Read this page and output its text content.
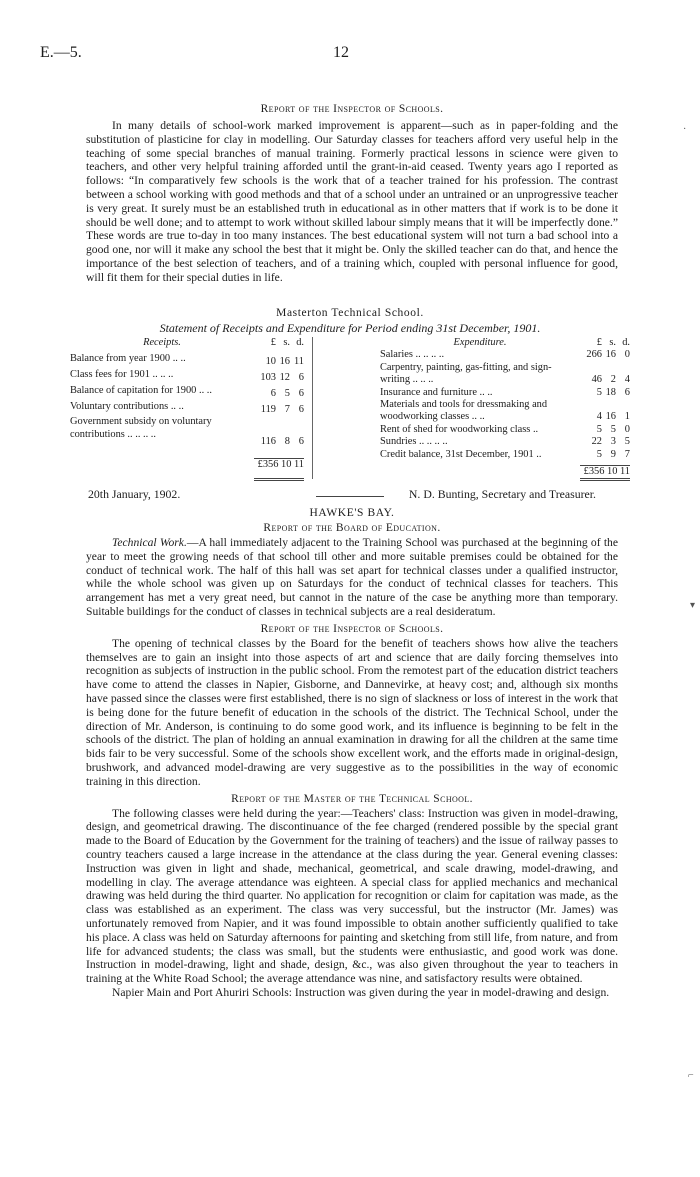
E.—5.	12

Report of the Inspector of Schools.

In many details of school-work marked improvement is apparent—such as in paper-folding and the substitution of plasticine for clay in modelling. Our Saturday classes for teachers afford very useful help in the teaching of some special branches of manual training. Formerly practical lessons in science were given to teachers, and other very helpful training afforded until the grant-in-aid ceased. Twenty years ago I reported as follows: “In comparatively few schools is the work that of a teacher trained for his profession. The contrast between a school working with good methods and that of a school under an untrained or an unprogressive teacher is very great. It surely must be an established truth in educational as in other matters that if work is to be done it should be well done; and to attempt to work without skilled labour simply means that it will be imperfectly done.” These words are true to-day in too many instances. The best educational system will not turn a bad school into a good one, nor will it make any school the best that it might be. Only the skilled teacher can do that, and hence the importance of the best selection of teachers, and of a training which, coupled with personal influence for good, will fit them for their special duties in life.

Masterton Technical School.

Statement of Receipts and Expenditure for Period ending 31st December, 1901.

Receipts.	£	s.	d.	
Balance from year 1900 .. ..	10	16	11	
Class fees for 1901 .. .. ..	103	12	6	
Balance of capitation for 1900 .. ..	6	5	6	
Voluntary contributions .. ..	119	7	6	
Government subsidy on voluntary contributions .. .. .. ..	116	8	6	

	£356 10 11			
Expenditure.	£	s.	d.
Salaries .. .. .. ..	266	16	0
Carpentry, painting, gas-fitting, and sign-writing .. .. ..	46	2	4
Insurance and furniture .. ..	5	18	6
Materials and tools for dressmaking and woodworking classes .. ..	4	16	1
Rent of shed for woodworking class ..	5	5	0
Sundries .. .. .. ..	22	3	5
Credit balance, 31st December, 1901 ..	5	9	7

	£356 10 11		
20th January, 1902.	N. D. Bunting, Secretary and Treasurer.

HAWKE'S BAY.

Report of the Board of Education.

Technical Work.—A hall immediately adjacent to the Training School was purchased at the beginning of the year to meet the growing needs of that school till other and more suitable premises could be obtained for the conduct of technical work. The half of this hall was set apart for technical classes under a qualified instructor, while the whole school was given up on Saturdays for the conduct of technical classes for teachers. This arrangement has met a very great need, but cannot in the nature of the case be anything more than temporary. Suitable buildings for the conduct of classes in technical subjects are a real desideratum.

Report of the Inspector of Schools.

The opening of technical classes by the Board for the benefit of teachers shows how alive the teachers themselves are to gain an insight into those aspects of art and science that are daily forcing themselves into recognition as subjects of instruction in the public school. From the remotest part of the education district teachers have come to attend the classes in Napier, Gisborne, and Dannevirke, at heavy cost; and, although six months have passed since the classes were first established, there is no sign of slackness or loss of interest in the work that is being done for the future benefit of education in the schools of the district. The Technical School, under the direction of Mr. Anderson, is continuing to do some good work, and its influence is beginning to be felt in the schools of the district. The plan of holding an annual examination in drawing for all the children at the same time bids fair to be very successful. Some of the schools show excellent work, and the efforts made in original-design, brushwork, and advanced model-drawing are very suggestive as to the possibilities in the way of economic training in this direction.

Report of the Master of the Technical School.

The following classes were held during the year:—Teachers' class: Instruction was given in model-drawing, design, and geometrical drawing. The discontinuance of the fee charged (rendered possible by the special grant made to the Board of Education by the Government for the training of teachers) and the issue of railway passes to country teachers caused a large increase in the attendance at the class during the year. General evening classes: Instruction was given in light and shade, mechanical, geometrical, and scale drawing, model-drawing, and modelling in clay. The average attendance was eighteen. A special class for applied mechanics and mechanical drawing was held during the third quarter. No application for recognition or claim for capitation was made, as the class was established as an experiment. The class was very successful, but the instructor (Mr. James) was unfortunately removed from Napier, and it was found impossible to obtain another sufficiently qualified to take his place. A class was held on Saturday afternoons for painting and sketching from still life, from nature, and from life for advanced students; the class was small, but the students were enthusiastic, and good work was done. Instruction in model-drawing, light and shade, design, &c., was also given throughout the year to teachers in training at the White Road School; the average attendance was nine, and satisfactory results were obtained.

Napier Main and Port Ahuriri Schools: Instruction was given during the year in model-drawing and design.

·
▾
⌐
